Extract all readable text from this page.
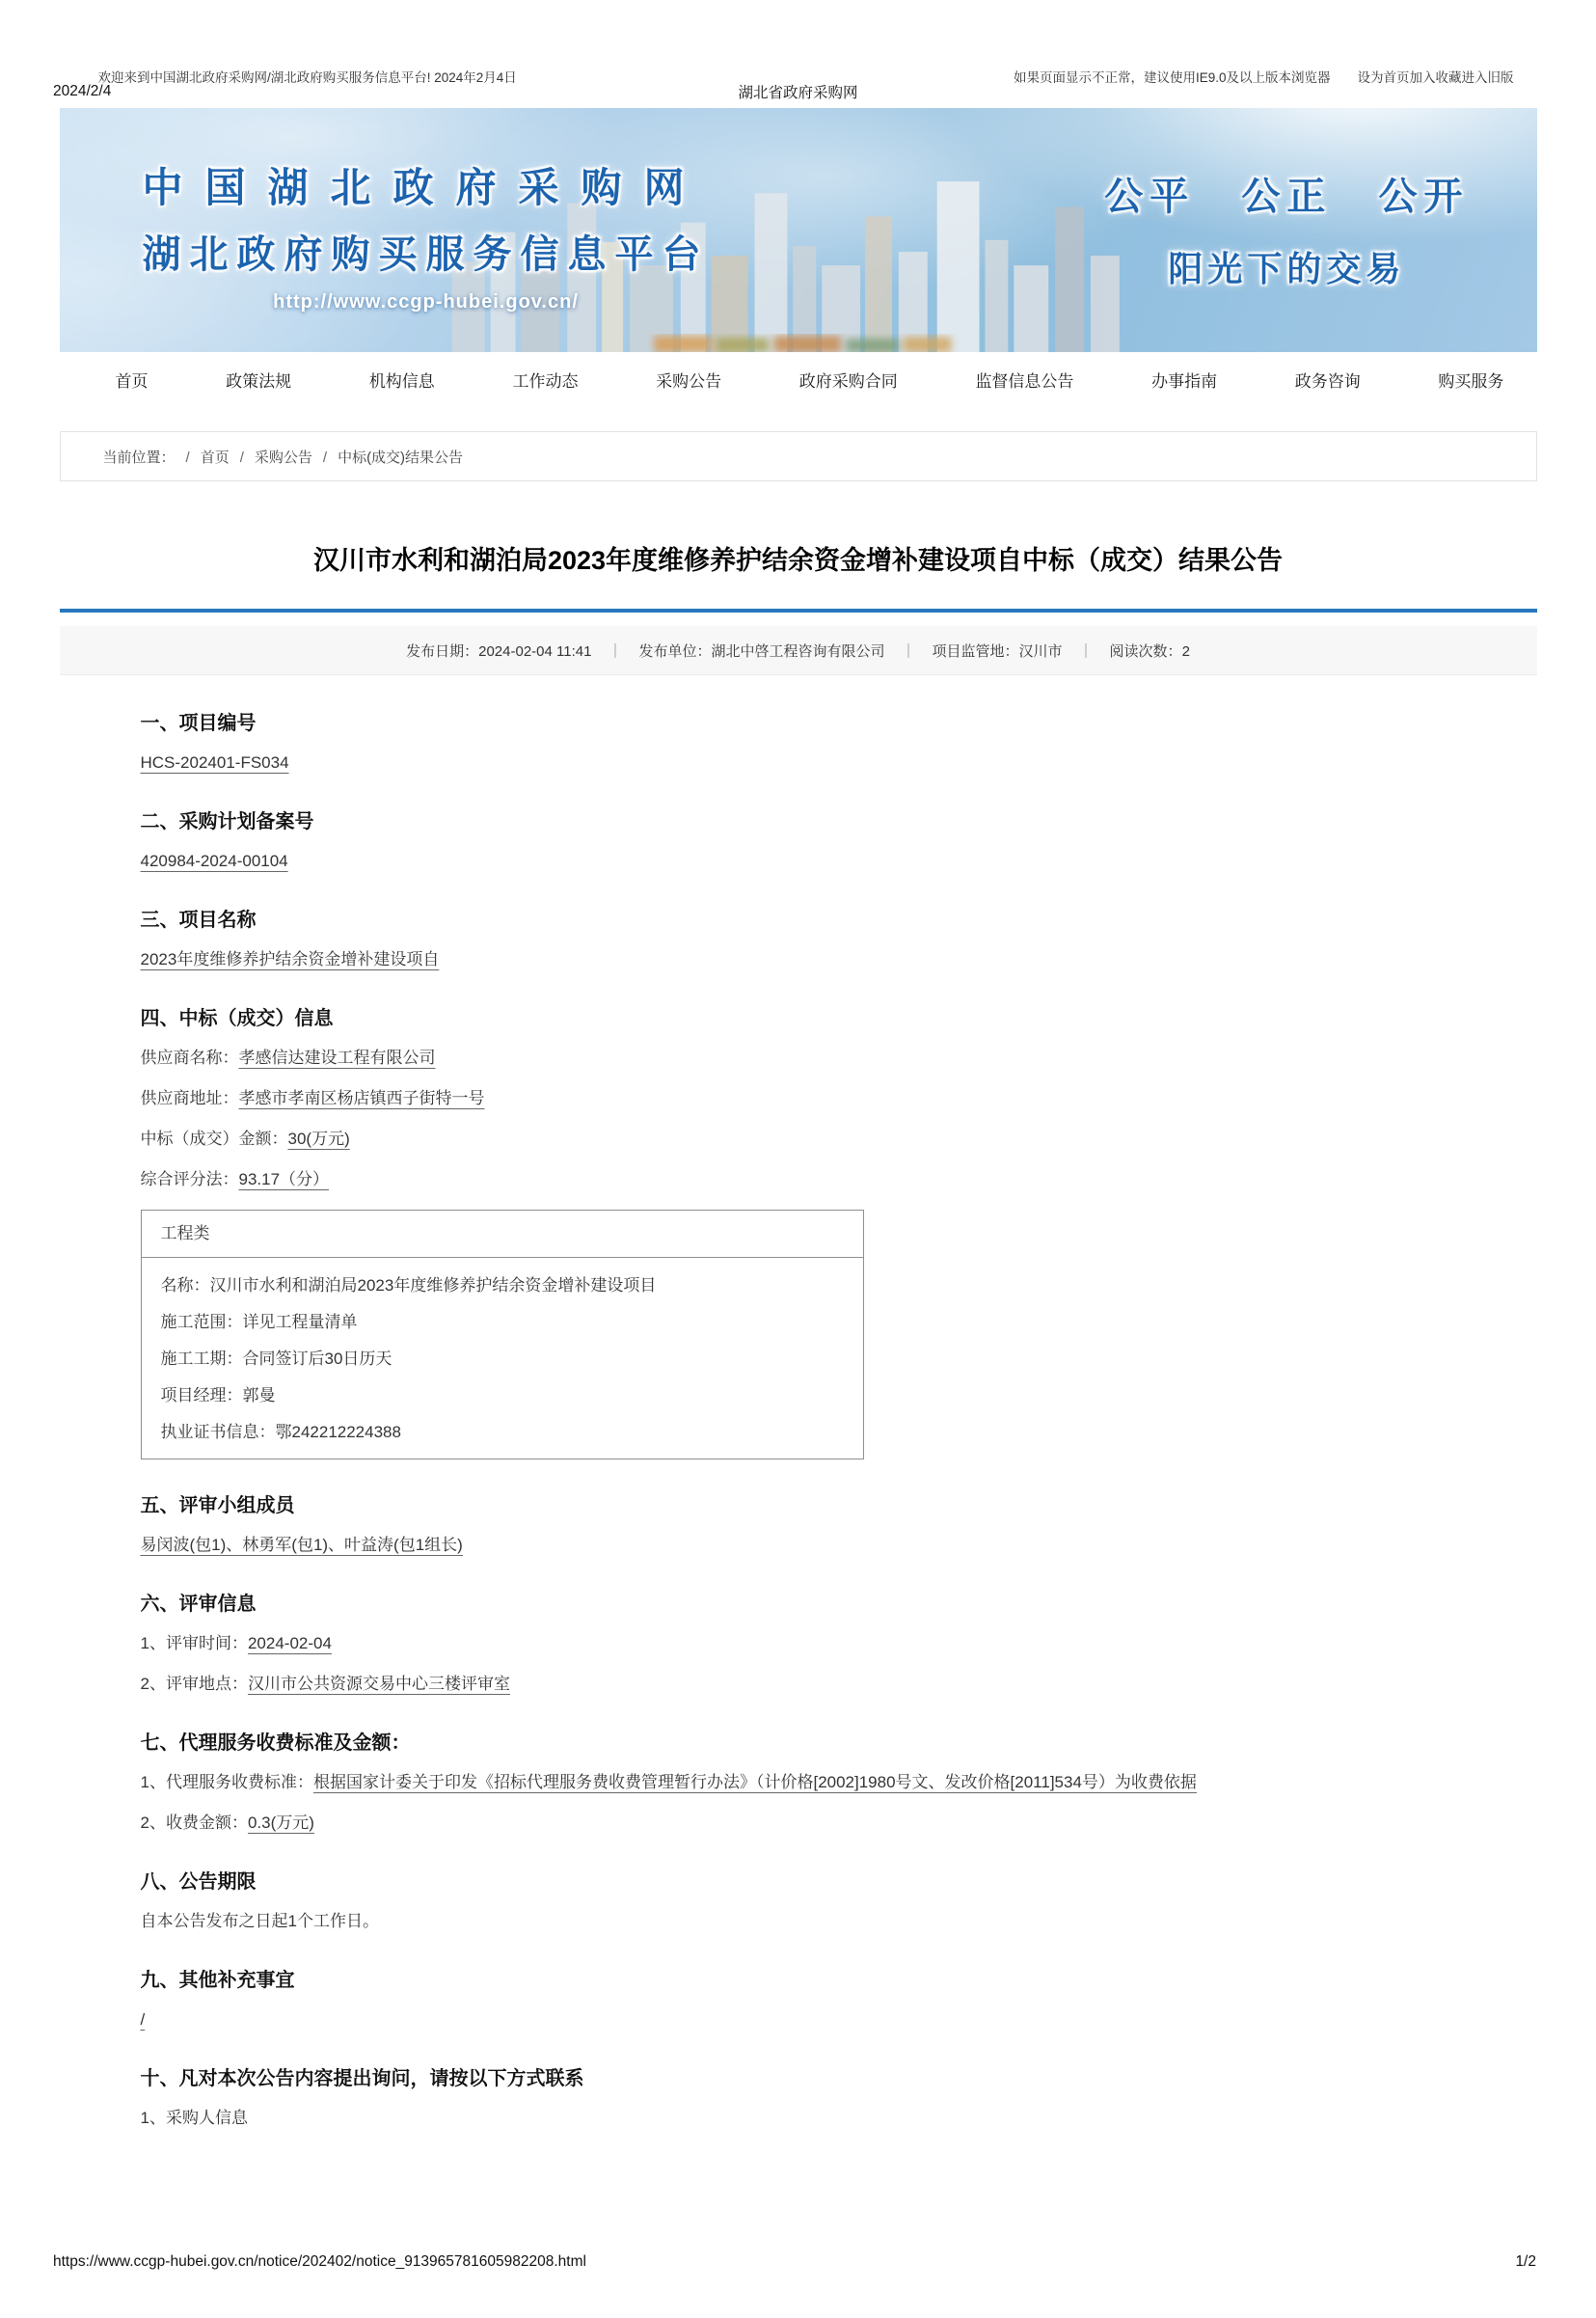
2024/2/4	湖北省政府采购网
欢迎来到中国湖北政府采购网/湖北政府购买服务信息平台! 2024年2月4日	如果页面显示不正常，建议使用IE9.0及以上版本浏览器 设为首页加入收藏进入旧版
中国湖北政府采购网
湖北政府购买服务信息平台
http://www.ccgp-hubei.gov.cn/
公平 公正 公开
阳光下的交易
首页	政策法规	机构信息	工作动态	采购公告	政府采购合同	监督信息公告	办事指南	政务咨询	购买服务
当前位置： / 首页 / 采购公告 / 中标(成交)结果公告
汉川市水利和湖泊局2023年度维修养护结余资金增补建设项自中标（成交）结果公告
发布日期：2024-02-04 11:41 ｜ 发布单位：湖北中啓工程咨询有限公司 ｜ 项目监管地：汉川市 ｜ 阅读次数：2
一、项目编号
HCS-202401-FS034
二、采购计划备案号
420984-2024-00104
三、项目名称
2023年度维修养护结余资金增补建设项自
四、中标（成交）信息
供应商名称：孝感信达建设工程有限公司
供应商地址：孝感市孝南区杨店镇西子街特一号
中标（成交）金额：30(万元)
综合评分法：93.17（分）
工程类
名称：汉川市水利和湖泊局2023年度维修养护结余资金增补建设项目
施工范围：详见工程量清单
施工工期：合同签订后30日历天
项目经理：郭曼
执业证书信息：鄂242212224388
五、评审小组成员
易闵波(包1)、林勇军(包1)、叶益涛(包1组长)
六、评审信息
1、评审时间：2024-02-04
2、评审地点：汉川市公共资源交易中心三楼评审室
七、代理服务收费标准及金额：
1、代理服务收费标准：根据国家计委关于印发《招标代理服务费收费管理暂行办法》（计价格[2002]1980号文、发改价格[2011]534号）为收费依据
2、收费金额：0.3(万元)
八、公告期限
自本公告发布之日起1个工作日。
九、其他补充事宜
/
十、凡对本次公告内容提出询问，请按以下方式联系
1、采购人信息
https://www.ccgp-hubei.gov.cn/notice/202402/notice_913965781605982208.html	1/2
